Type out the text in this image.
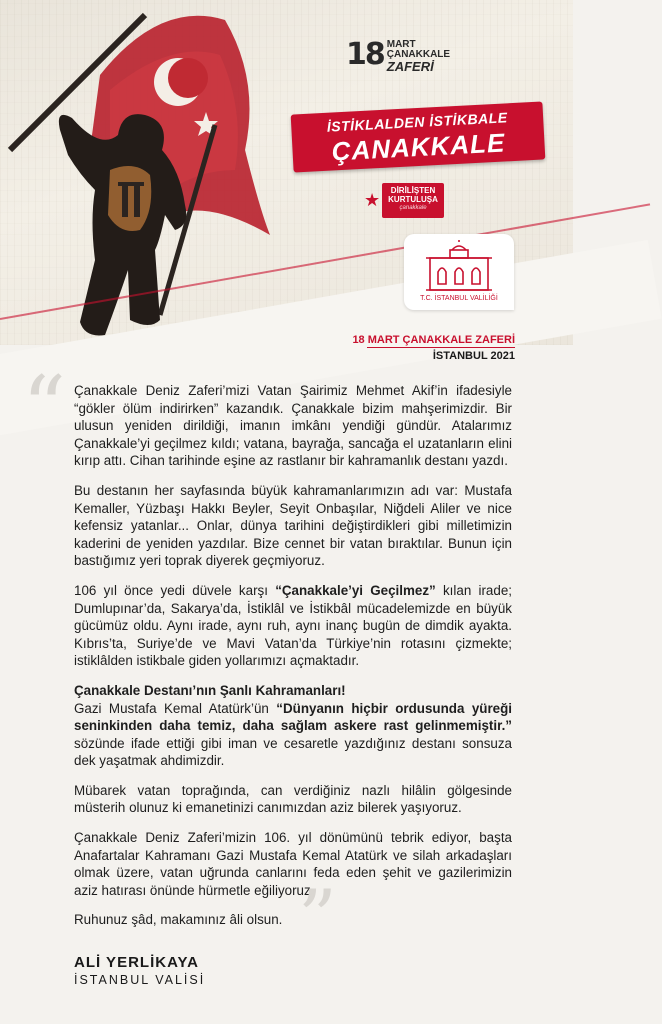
18 MART
ÇANAKKALE
ZAFERİ
İSTİKLALDEN İSTİKBALE
ÇANAKKALE
★	DİRİLİŞTEN
KURTULUŞA
çanakkale
T.C. İSTANBUL VALİLİĞİ
18 MART ÇANAKKALE ZAFERİ
İSTANBUL 2021
“ Çanakkale Deniz Zaferi’mizi Vatan Şairimiz Mehmet Akif’in ifadesiyle “gökler ölüm indirirken” kazandık. Çanakkale bizim mahşerimizdir. Bir ulusun yeniden dirildiği, imanın imkânı yendiği gündür. Atalarımız Çanakkale’yi geçilmez kıldı; vatana, bayrağa, sancağa el uzatanların elini kırıp attı. Cihan tarihinde eşine az rastlanır bir kahramanlık destanı yazdı.

Bu destanın her sayfasında büyük kahramanlarımızın adı var: Mustafa Kemaller, Yüzbaşı Hakkı Beyler, Seyit Onbaşılar, Niğdeli Aliler ve nice kefensiz yatanlar... Onlar, dünya tarihini değiştirdikleri gibi milletimizin kaderini de yeniden yazdılar. Bize cennet bir vatan bıraktılar. Bunun için bastığımız yeri toprak diyerek geçmiyoruz.

106 yıl önce yedi düvele karşı “Çanakkale’yi Geçilmez” kılan irade; Dumlupınar’da, Sakarya’da, İstiklâl ve İstikbâl mücadelemizde en büyük gücümüz oldu. Aynı irade, aynı ruh, aynı inanç bugün de dimdik ayakta. Kıbrıs’ta, Suriye’de ve Mavi Vatan’da Türkiye’nin rotasını çizmekte; istiklâlden istikbale giden yollarımızı açmaktadır.

Çanakkale Destanı’nın Şanlı Kahramanları!
Gazi Mustafa Kemal Atatürk’ün “Dünyanın hiçbir ordusunda yüreği seninkinden daha temiz, daha sağlam askere rast gelinmemiştir.” sözünde ifade ettiği gibi iman ve cesaretle yazdığınız destanı sonsuza dek yaşatmak ahdimizdir.

Mübarek vatan toprağında, can verdiğiniz nazlı hilâlin gölgesinde müsterih olunuz ki emanetinizi canımızdan aziz bilerek yaşıyoruz.

Çanakkale Deniz Zaferi’mizin 106. yıl dönümünü tebrik ediyor, başta Anafartalar Kahramanı Gazi Mustafa Kemal Atatürk ve silah arkadaşları olmak üzere, vatan uğrunda canlarını feda eden şehit ve gazilerimizin aziz hatırası önünde hürmetle eğiliyoruz.

Ruhunuz şâd, makamınız âli olsun. ”
ALİ YERLİKAYA
İSTANBUL VALİSİ
